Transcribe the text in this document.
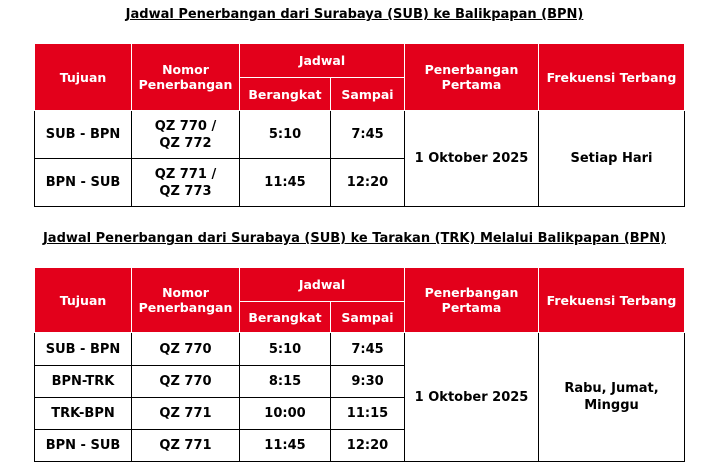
Jadwal Penerbangan dari Surabaya (SUB) ke Balikpapan (BPN)
Tujuan	Nomor Penerbangan	Jadwal		Penerbangan Pertama	Frekuensi Terbang
		Berangkat	Sampai		
SUB - BPN	QZ 770 / QZ 772	5:10	7:45	1 Oktober 2025	Setiap Hari
BPN - SUB	QZ 771 / QZ 773	11:45	12:20		
Jadwal Penerbangan dari Surabaya (SUB) ke Tarakan (TRK) Melalui Balikpapan (BPN)
Tujuan	Nomor Penerbangan	Jadwal		Penerbangan Pertama	Frekuensi Terbang
		Berangkat	Sampai		
SUB - BPN	QZ 770	5:10	7:45	1 Oktober 2025	Rabu, Jumat, Minggu
BPN-TRK	QZ 770	8:15	9:30		
TRK-BPN	QZ 771	10:00	11:15		
BPN - SUB	QZ 771	11:45	12:20		
